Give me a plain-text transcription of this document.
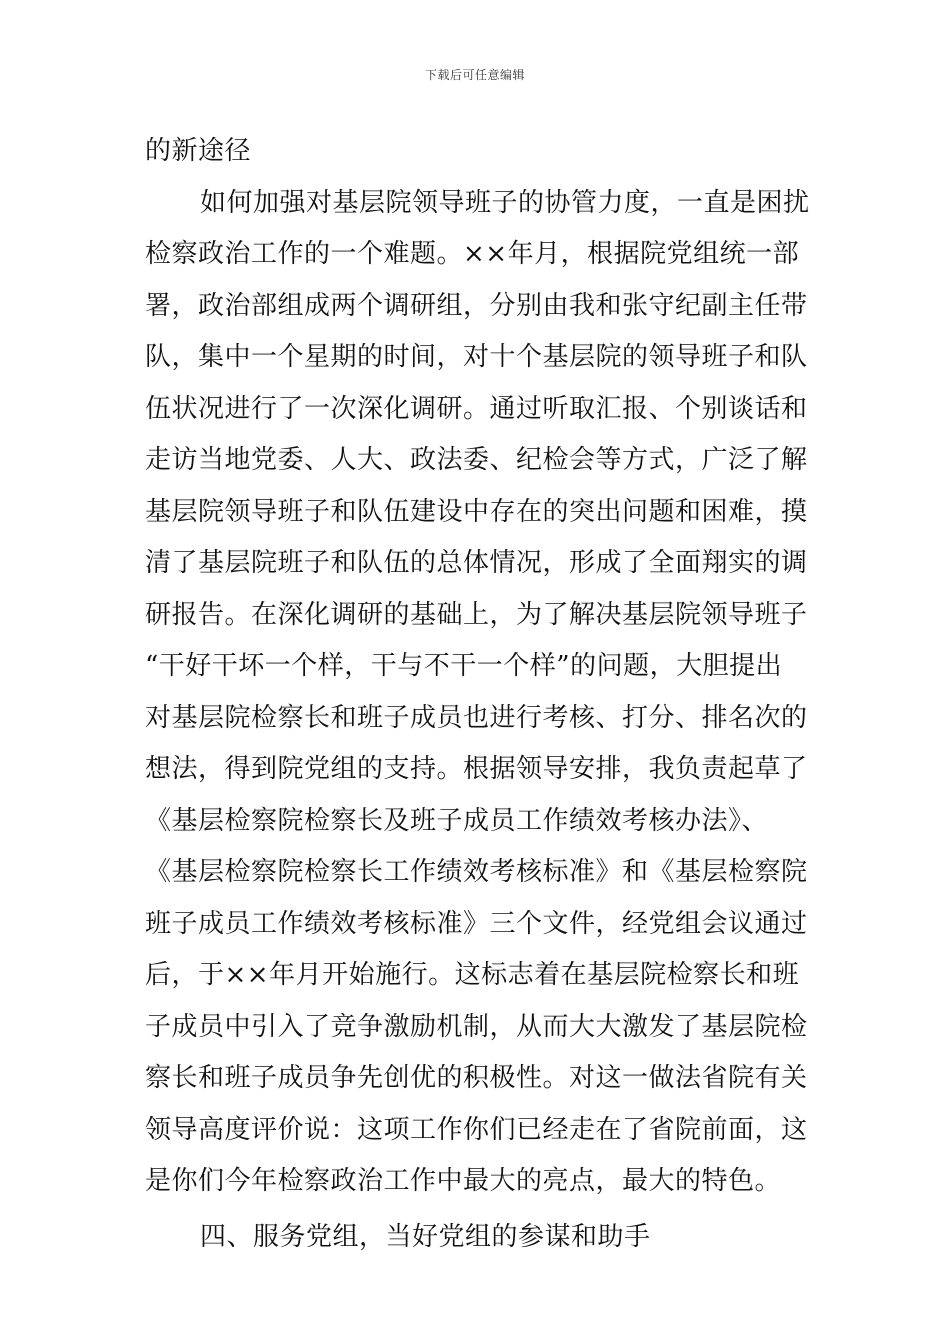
下载后可任意编辑
的新途径
如何加强对基层院领导班子的协管力度，一直是困扰
检察政治工作的一个难题。××年月，根据院党组统一部
署，政治部组成两个调研组，分别由我和张守纪副主任带
队，集中一个星期的时间，对十个基层院的领导班子和队
伍状况进行了一次深化调研。通过听取汇报、个别谈话和
走访当地党委、人大、政法委、纪检会等方式，广泛了解
基层院领导班子和队伍建设中存在的突出问题和困难，摸
清了基层院班子和队伍的总体情况，形成了全面翔实的调
研报告。在深化调研的基础上，为了解决基层院领导班子
“干好干坏一个样，干与不干一个样”的问题，大胆提出
对基层院检察长和班子成员也进行考核、打分、排名次的
想法，得到院党组的支持。根据领导安排，我负责起草了
《基层检察院检察长及班子成员工作绩效考核办法》、
《基层检察院检察长工作绩效考核标准》和《基层检察院
班子成员工作绩效考核标准》三个文件，经党组会议通过
后，于××年月开始施行。这标志着在基层院检察长和班
子成员中引入了竞争激励机制，从而大大激发了基层院检
察长和班子成员争先创优的积极性。对这一做法省院有关
领导高度评价说：这项工作你们已经走在了省院前面，这
是你们今年检察政治工作中最大的亮点，最大的特色。
四、服务党组，当好党组的参谋和助手
